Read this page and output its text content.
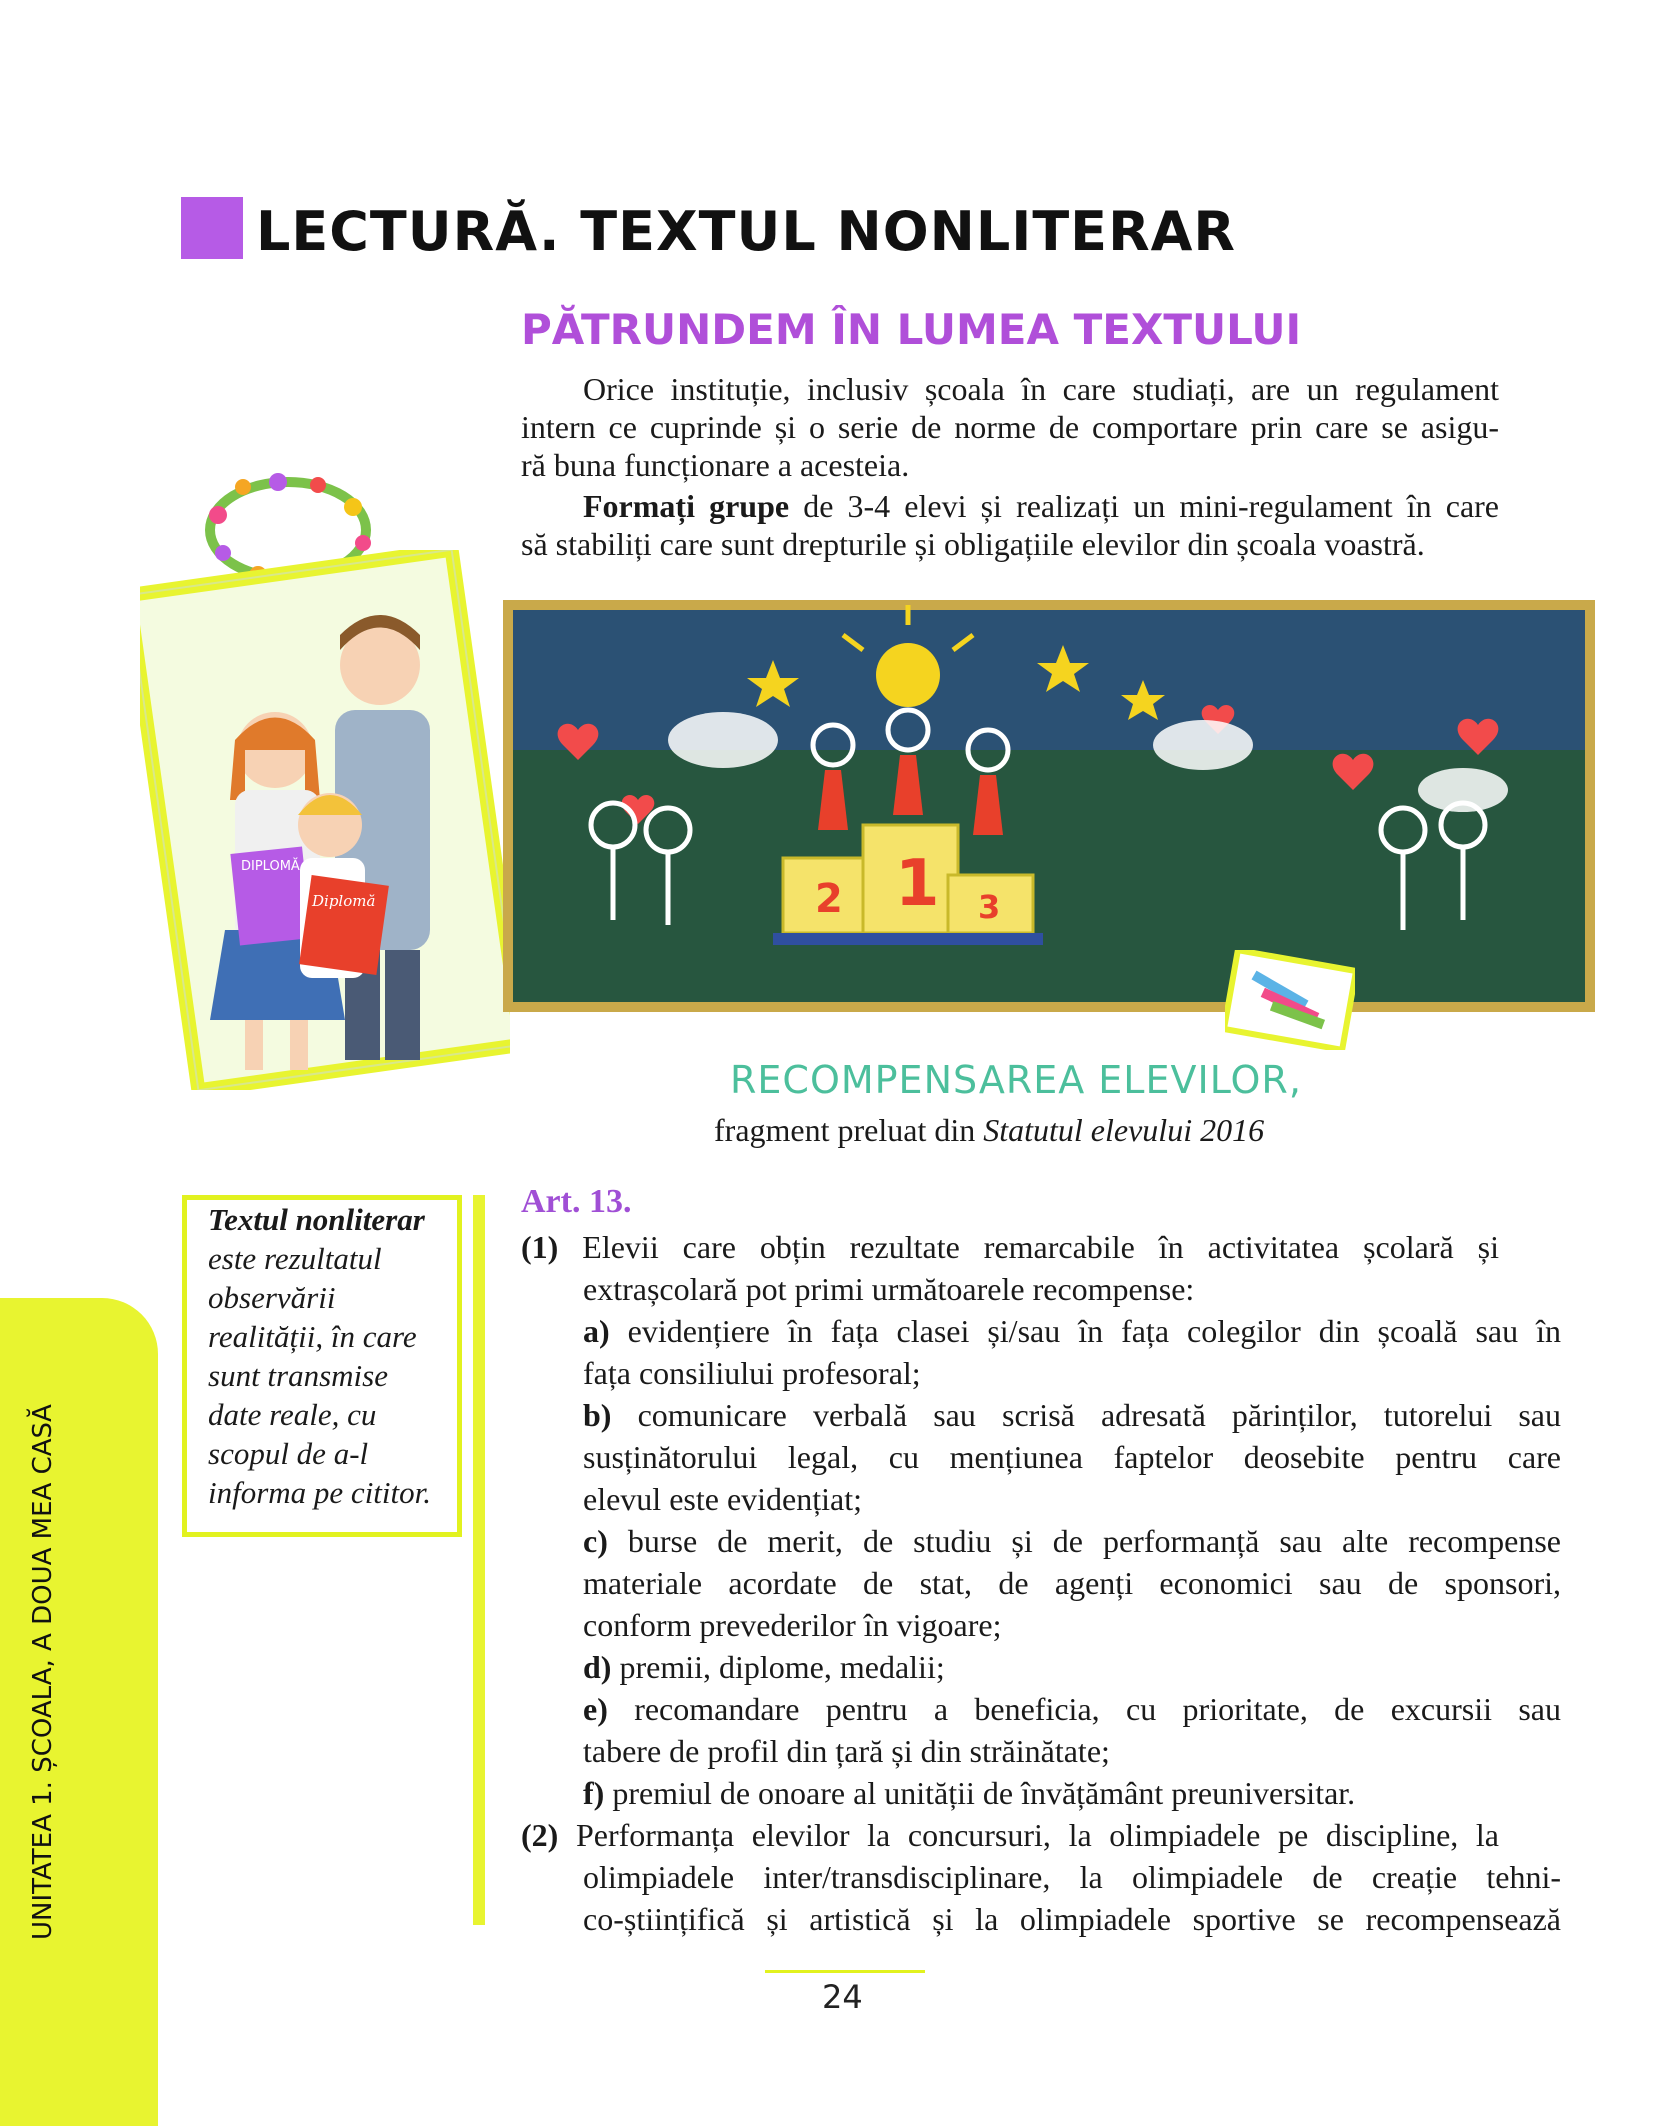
LECTURĂ. TEXTUL NONLITERAR
PĂTRUNDEM ÎN LUMEA TEXTULUI
Orice instituție, inclusiv școala în care studiați, are un regulament
intern ce cuprinde și o serie de norme de comportare prin care se asigu-
ră buna funcționare a acesteia.
Formați grupe de 3-4 elevi și realizați un mini-regulament în care
să stabiliți care sunt drepturile și obligațiile elevilor din școala voastră.
DIPLOMĂ
Diplomă	2 1 3
RECOMPENSAREA ELEVILOR,
fragment preluat din Statutul elevului 2016
Textul nonliterar
este rezultatul
observării
realității, în care
sunt transmise
date reale, cu
scopul de a-l
informa pe cititor.
UNITATEA 1. ȘCOALA, A DOUA MEA CASĂ
Art. 13.
(1) Elevii care obțin rezultate remarcabile în activitatea școlară și
extrașcolară pot primi următoarele recompense:
a) evidențiere în fața clasei și/sau în fața colegilor din școală sau în
fața consiliului profesoral;
b) comunicare verbală sau scrisă adresată părinților, tutorelui sau
susținătorului legal, cu mențiunea faptelor deosebite pentru care
elevul este evidențiat;
c) burse de merit, de studiu și de performanță sau alte recompense
materiale acordate de stat, de agenți economici sau de sponsori,
conform prevederilor în vigoare;
d) premii, diplome, medalii;
e) recomandare pentru a beneficia, cu prioritate, de excursii sau
tabere de profil din țară și din străinătate;
f) premiul de onoare al unității de învățământ preuniversitar.
(2) Performanța elevilor la concursuri, la olimpiadele pe discipline, la
olimpiadele inter/transdisciplinare, la olimpiadele de creație tehni-
co-științifică și artistică și la olimpiadele sportive se recompensează
24
